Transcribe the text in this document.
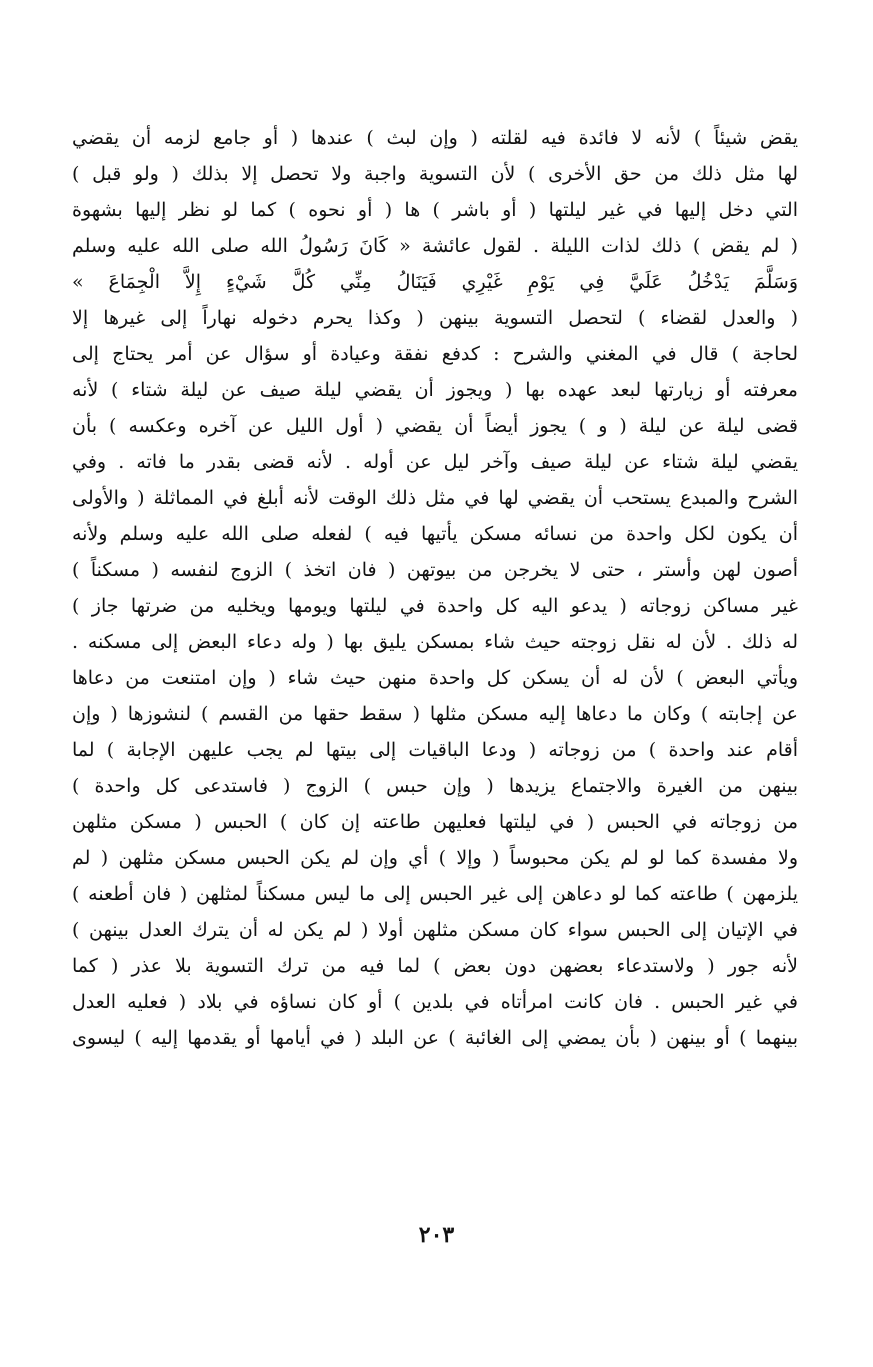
يقض شيئاً ) لأنه لا فائدة فيه لقلته ( وإن لبث ) عندها ( أو جامع لزمه أن يقضي
لها مثل ذلك من حق الأخرى ) لأن التسوية واجبة ولا تحصل إلا بذلك ( ولو قبل )
التي دخل إليها في غير ليلتها ( أو باشر ) ها ( أو نحوه ) كما لو نظر إليها بشهوة
( لم يقض ) ذلك لذات الليلة . لقول عائشة « كَانَ رَسُولُ الله صلى الله عليه وسلم
وَسَلَّمَ يَدْخُلُ عَلَيَّ فِي يَوْمِ غَيْرِي فَيَنَالُ مِنِّي كُلَّ شَيْءٍ إِلاَّ الْجِمَاعَ »
( والعدل لقضاء ) لتحصل التسوية بينهن ( وكذا يحرم دخوله نهاراً إلى غيرها إلا
لحاجة ) قال في المغني والشرح : كدفع نفقة وعيادة أو سؤال عن أمر يحتاج إلى
معرفته أو زيارتها لبعد عهده بها ( ويجوز أن يقضي ليلة صيف عن ليلة شتاء ) لأنه
قضى ليلة عن ليلة ( و ) يجوز أيضاً أن يقضي ( أول الليل عن آخره وعكسه ) بأن
يقضي ليلة شتاء عن ليلة صيف وآخر ليل عن أوله . لأنه قضى بقدر ما فاته . وفي
الشرح والمبدع يستحب أن يقضي لها في مثل ذلك الوقت لأنه أبلغ في المماثلة ( والأولى
أن يكون لكل واحدة من نسائه مسكن يأتيها فيه ) لفعله صلى الله عليه وسلم ولأنه
أصون لهن وأستر ، حتى لا يخرجن من بيوتهن ( فان اتخذ ) الزوج لنفسه ( مسكناً )
غير مساكن زوجاته ( يدعو اليه كل واحدة في ليلتها ويومها ويخليه من ضرتها جاز )
له ذلك . لأن له نقل زوجته حيث شاء بمسكن يليق بها ( وله دعاء البعض إلى مسكنه .
ويأتي البعض ) لأن له أن يسكن كل واحدة منهن حيث شاء ( وإن امتنعت من دعاها
عن إجابته ) وكان ما دعاها إليه مسكن مثلها ( سقط حقها من القسم ) لنشوزها ( وإن
أقام عند واحدة ) من زوجاته ( ودعا الباقيات إلى بيتها لم يجب عليهن الإجابة ) لما
بينهن من الغيرة والاجتماع يزيدها ( وإن حبس ) الزوج ( فاستدعى كل واحدة )
من زوجاته في الحبس ( في ليلتها فعليهن طاعته إن كان ) الحبس ( مسكن مثلهن
ولا مفسدة كما لو لم يكن محبوساً ( وإلا ) أي وإن لم يكن الحبس مسكن مثلهن ( لم
يلزمهن ) طاعته كما لو دعاهن إلى غير الحبس إلى ما ليس مسكناً لمثلهن ( فان أطعنه )
في الإتيان إلى الحبس سواء كان مسكن مثلهن أولا ( لم يكن له أن يترك العدل بينهن )
لأنه جور ( ولاستدعاء بعضهن دون بعض ) لما فيه من ترك التسوية بلا عذر ( كما
في غير الحبس . فان كانت امرأتاه في بلدين ) أو كان نساؤه في بلاد ( فعليه العدل
بينهما ) أو بينهن ( بأن يمضي إلى الغائبة ) عن البلد ( في أيامها أو يقدمها إليه ) ليسوى
٢٠٣
